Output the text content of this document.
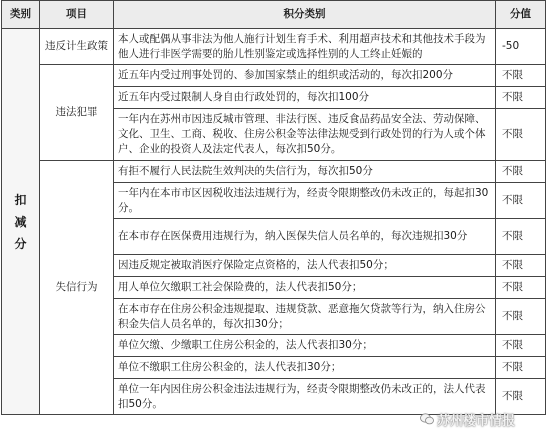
类别	项目	积分类别	分值

扣
减
分	违反计生政策	本人或配偶从事非法为他人施行计划生育手术、利用超声技术和其他技术手段为他人进行非医学需要的胎儿性别鉴定或选择性别的人工终止妊娠的	-50
	违法犯罪	近五年内受过刑事处罚的、参加国家禁止的组织或活动的，每次扣200分	不限
		近五年内受过限制人身自由行政处罚的，每次扣100分	不限
		一年内在苏州市因违反城市管理、非法行医、违反食品药品安全法、劳动保障、文化、卫生、工商、税收、住房公积金等法律法规受到行政处罚的行为人或个体户、企业的投资人及法定代表人，每次扣50分。	不限
	失信行为	有拒不履行人民法院生效判决的失信行为，每次扣50分	不限
		一年内在本市市区因税收违法违规行为，经责令限期整改仍未改正的，每起扣30分。	不限
		在本市存在医保费用违规行为，纳入医保失信人员名单的，每次违规扣30分	不限
		因违反规定被取消医疗保险定点资格的，法人代表扣50分；	不限
		用人单位欠缴职工社会保险费的，法人代表扣50分；	不限
		在本市存在住房公积金违规提取、违规贷款、恶意拖欠贷款等行为，纳入住房公积金失信人员名单的，每次扣30分；	不限
		单位欠缴、少缴职工住房公积金的，法人代表扣30分；	不限
		单位不缴职工住房公积金的，法人代表扣30分；	不限
		单位一年内因住房公积金违法违规行为，经责令限期整改仍未改正的，法人代表扣50分。	不限
苏州楼市情报
